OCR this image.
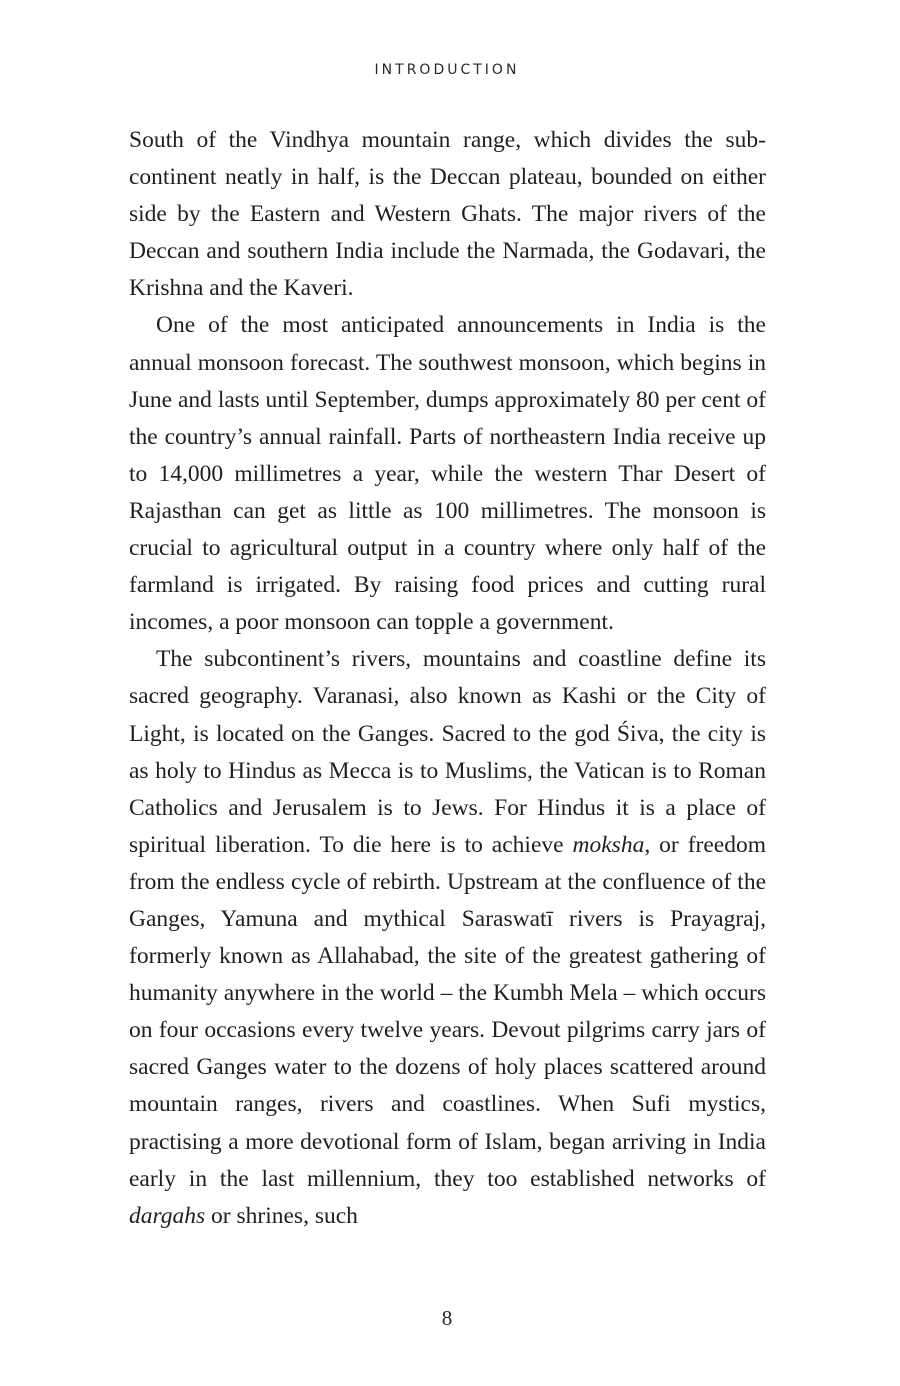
INTRODUCTION

South of the Vindhya mountain range, which divides the subcontinent neatly in half, is the Deccan plateau, bounded on either side by the Eastern and Western Ghats. The major rivers of the Deccan and southern India include the Narmada, the Godavari, the Krishna and the Kaveri.

One of the most anticipated announcements in India is the annual monsoon forecast. The southwest monsoon, which begins in June and lasts until September, dumps approximately 80 per cent of the country’s annual rainfall. Parts of northeastern India receive up to 14,000 millimetres a year, while the western Thar Desert of Rajasthan can get as little as 100 millimetres. The monsoon is crucial to agricultural output in a country where only half of the farmland is irrigated. By raising food prices and cutting rural incomes, a poor monsoon can topple a government.

The subcontinent’s rivers, mountains and coastline define its sacred geography. Varanasi, also known as Kashi or the City of Light, is located on the Ganges. Sacred to the god Śiva, the city is as holy to Hindus as Mecca is to Muslims, the Vatican is to Roman Catholics and Jerusalem is to Jews. For Hindus it is a place of spiritual liberation. To die here is to achieve moksha, or freedom from the endless cycle of rebirth. Upstream at the confluence of the Ganges, Yamuna and mythical Saraswatī rivers is Prayagraj, formerly known as Allahabad, the site of the greatest gathering of humanity anywhere in the world – the Kumbh Mela – which occurs on four occasions every twelve years. Devout pilgrims carry jars of sacred Ganges water to the dozens of holy places scattered around mountain ranges, rivers and coastlines. When Sufi mystics, practising a more devotional form of Islam, began arriving in India early in the last millennium, they too established networks of dargahs or shrines, such

8
